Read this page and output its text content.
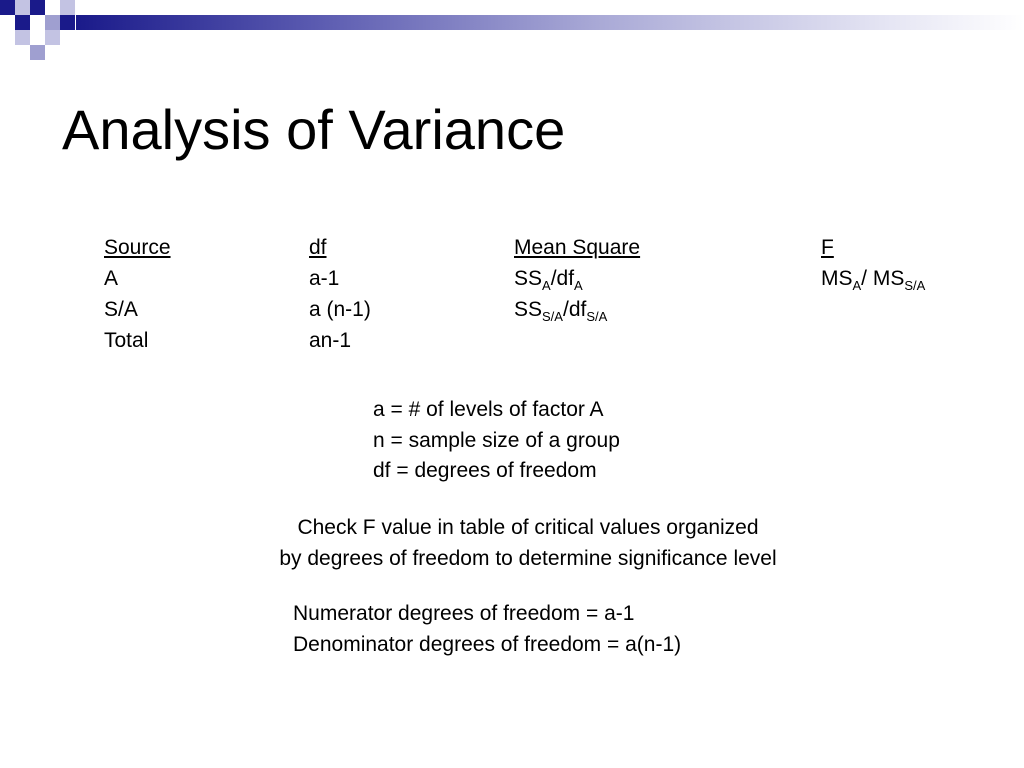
Analysis of Variance
Source	df	Mean Square	F
A	a-1	$SS_A/df_A$	$MS_A/$ $MS_{S/A}$
S/A	a (n-1)	$SS_{S/A}/df_{S/A}$
Total	an-1
a = # of levels of factor A
n = sample size of a group
df = degrees of freedom
Check F value in table of critical values organized
by degrees of freedom to determine significance level
Numerator degrees of freedom = a-1
Denominator degrees of freedom = a(n-1)
